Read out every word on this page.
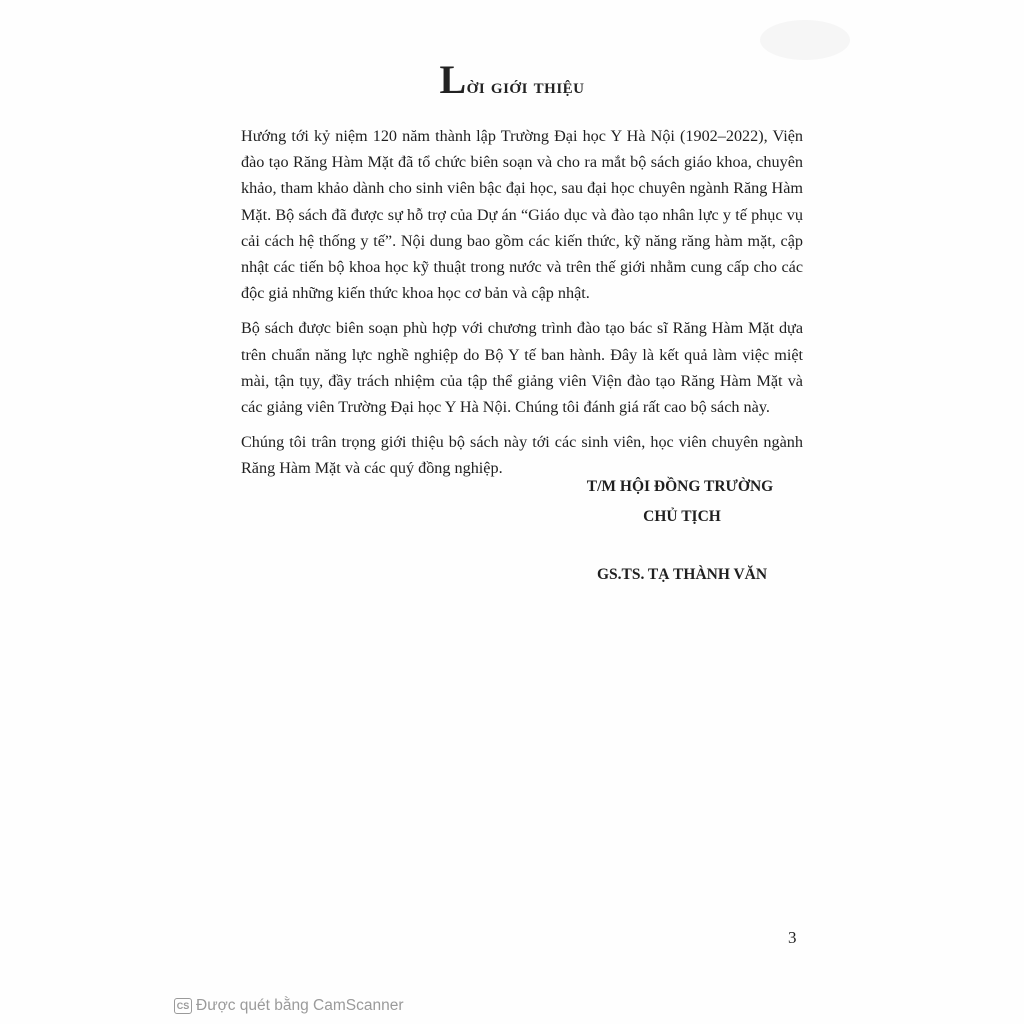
Lời giới thiệu

Hướng tới kỷ niệm 120 năm thành lập Trường Đại học Y Hà Nội (1902–2022), Viện đào tạo Răng Hàm Mặt đã tổ chức biên soạn và cho ra mắt bộ sách giáo khoa, chuyên khảo, tham khảo dành cho sinh viên bậc đại học, sau đại học chuyên ngành Răng Hàm Mặt. Bộ sách đã được sự hỗ trợ của Dự án “Giáo dục và đào tạo nhân lực y tế phục vụ cải cách hệ thống y tế”. Nội dung bao gồm các kiến thức, kỹ năng răng hàm mặt, cập nhật các tiến bộ khoa học kỹ thuật trong nước và trên thế giới nhằm cung cấp cho các độc giả những kiến thức khoa học cơ bản và cập nhật.

Bộ sách được biên soạn phù hợp với chương trình đào tạo bác sĩ Răng Hàm Mặt dựa trên chuẩn năng lực nghề nghiệp do Bộ Y tế ban hành. Đây là kết quả làm việc miệt mài, tận tụy, đầy trách nhiệm của tập thể giảng viên Viện đào tạo Răng Hàm Mặt và các giảng viên Trường Đại học Y Hà Nội. Chúng tôi đánh giá rất cao bộ sách này.

Chúng tôi trân trọng giới thiệu bộ sách này tới các sinh viên, học viên chuyên ngành Răng Hàm Mặt và các quý đồng nghiệp.

T/M HỘI ĐỒNG TRƯỜNG
CHỦ TỊCH
GS.TS. TẠ THÀNH VĂN
3
CS Được quét bằng CamScanner
